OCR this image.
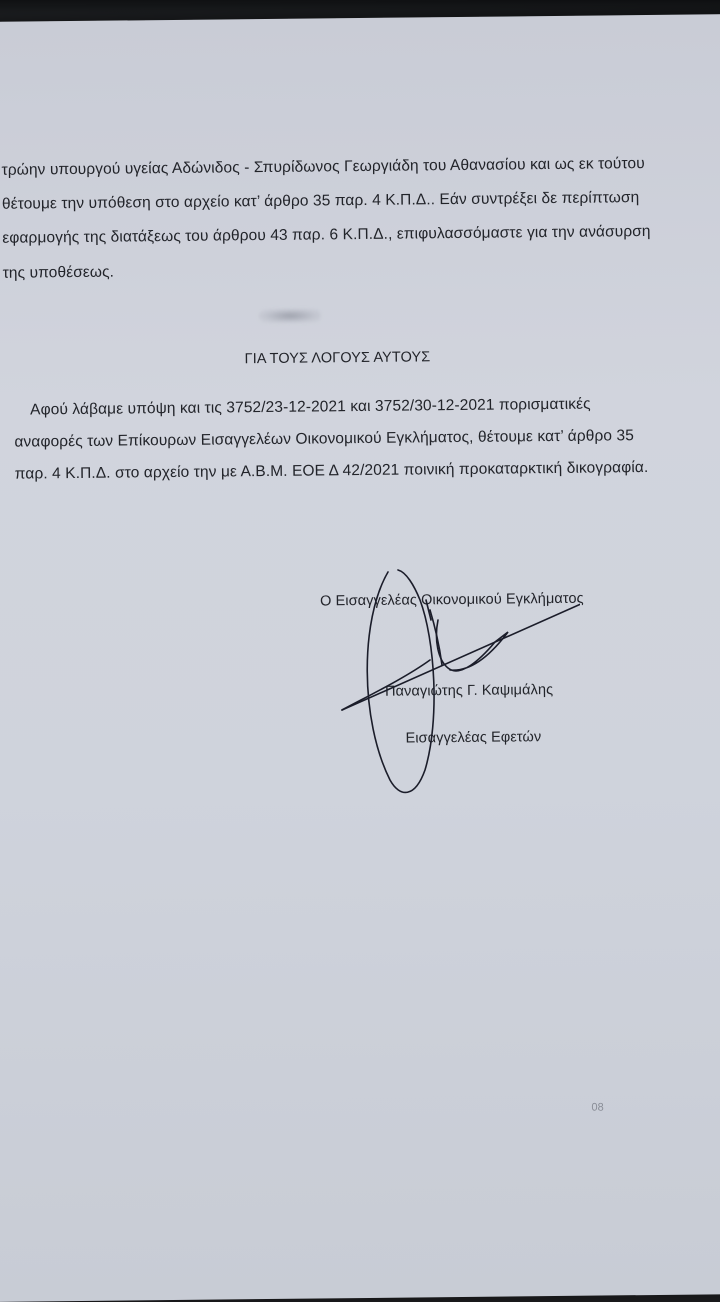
τρώην υπουργού υγείας Αδώνιδος - Σπυρίδωνος Γεωργιάδη του Αθανασίου και ως εκ τούτου
θέτουμε την υπόθεση στο αρχείο κατ’ άρθρο 35 παρ. 4 Κ.Π.Δ.. Εάν συντρέξει δε περίπτωση
εφαρμογής της διατάξεως του άρθρου 43 παρ. 6 Κ.Π.Δ., επιφυλασσόμαστε για την ανάσυρση
της υποθέσεως.
ΓΙΑ ΤΟΥΣ ΛΟΓΟΥΣ ΑΥΤΟΥΣ
Αφού λάβαμε υπόψη και τις 3752/23-12-2021 και 3752/30-12-2021 πορισματικές
αναφορές των Επίκουρων Εισαγγελέων Οικονομικού Εγκλήματος, θέτουμε κατ’ άρθρο 35
παρ. 4 Κ.Π.Δ. στο αρχείο την με Α.Β.Μ. ΕΟΕ Δ 42/2021 ποινική προκαταρκτική δικογραφία.
Ο Εισαγγελέας Οικονομικού Εγκλήματος
Παναγιώτης Γ. Καψιμάλης
Εισαγγελέας Εφετών
08
